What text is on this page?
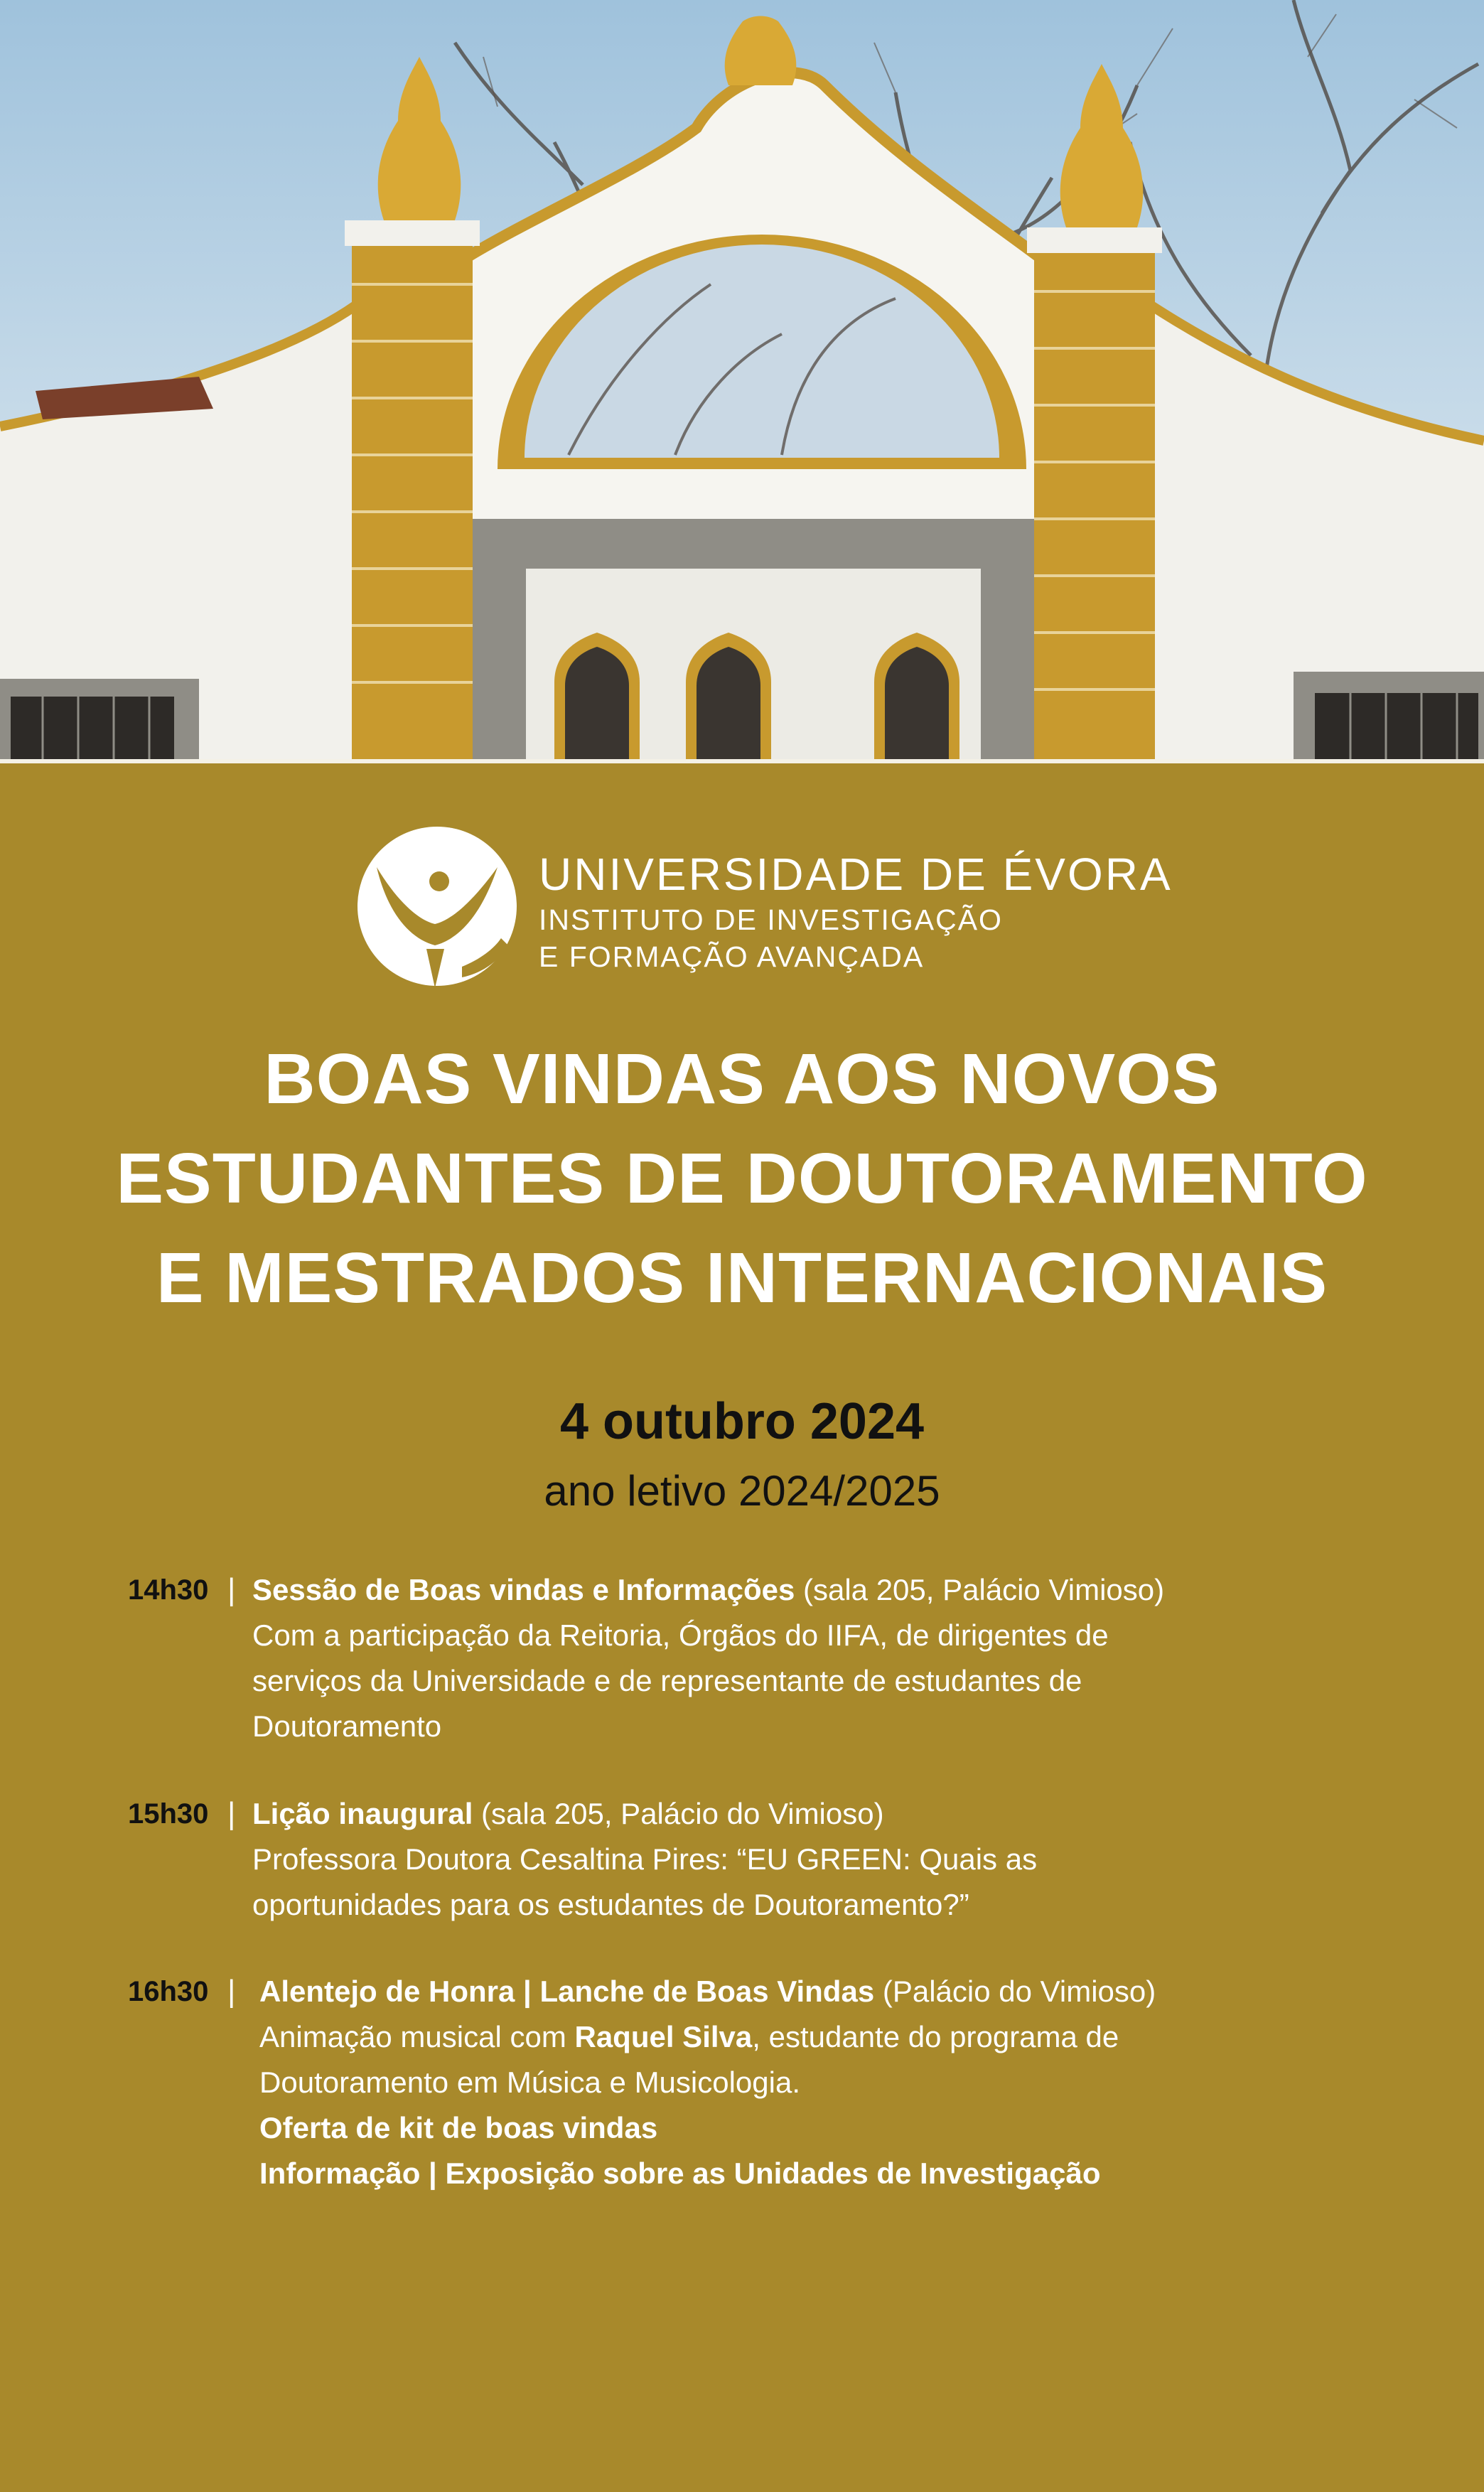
UNIVERSIDADE DE ÉVORA
INSTITUTO DE INVESTIGAÇÃO
E FORMAÇÃO AVANÇADA
BOAS VINDAS AOS NOVOS
ESTUDANTES DE DOUTORAMENTO
E MESTRADOS INTERNACIONAIS
4 outubro 2024
ano letivo 2024/2025
14h30 | Sessão de Boas vindas e Informações (sala 205, Palácio Vimioso)
Com a participação da Reitoria, Órgãos do IIFA, de dirigentes de
serviços da Universidade e de representante de estudantes de
Doutoramento
15h30 | Lição inaugural (sala 205, Palácio do Vimioso)
Professora Doutora Cesaltina Pires: “EU GREEN: Quais as
oportunidades para os estudantes de Doutoramento?”
16h30 | Alentejo de Honra | Lanche de Boas Vindas (Palácio do Vimioso)
Animação musical com Raquel Silva, estudante do programa de
Doutoramento em Música e Musicologia.
Oferta de kit de boas vindas
Informação | Exposição sobre as Unidades de Investigação
